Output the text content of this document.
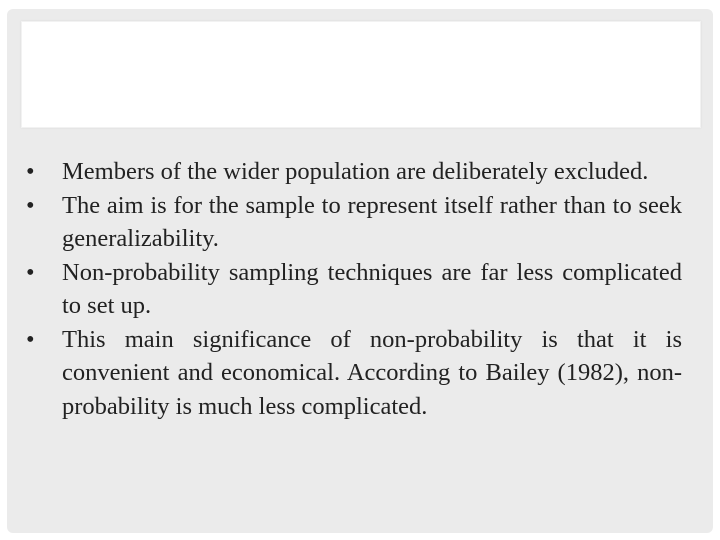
• Members of the wider population are deliberately excluded.
• The aim is for the sample to represent itself rather than to seek generalizability.
• Non-probability sampling techniques are far less complicated to set up.
• This main significance of non-probability is that it is convenient and economical. According to Bailey (1982), non-probability is much less complicated.
